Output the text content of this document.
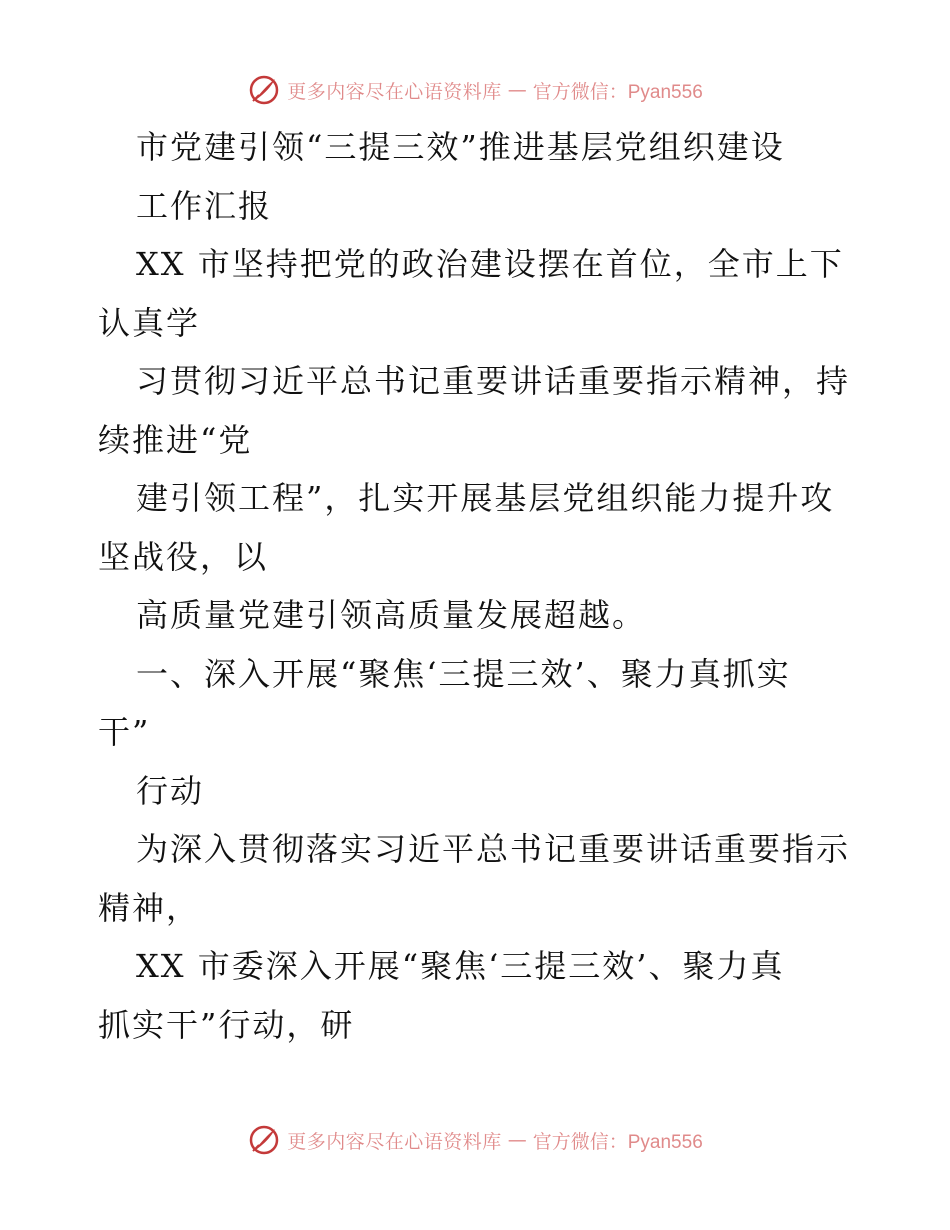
更多内容尽在心语资料库 — 官方微信：Pyan556
市党建引领“三提三效”推进基层党组织建设
工作汇报
XX 市坚持把党的政治建设摆在首位，全市上下
认真学
习贯彻习近平总书记重要讲话重要指示精神，持
续推进“党
建引领工程”，扎实开展基层党组织能力提升攻
坚战役，以
高质量党建引领高质量发展超越。
一、深入开展“聚焦‘三提三效’、聚力真抓实
干”
行动
为深入贯彻落实习近平总书记重要讲话重要指示
精神，
XX 市委深入开展“聚焦‘三提三效’、聚力真
抓实干”行动，研
更多内容尽在心语资料库 — 官方微信：Pyan556
